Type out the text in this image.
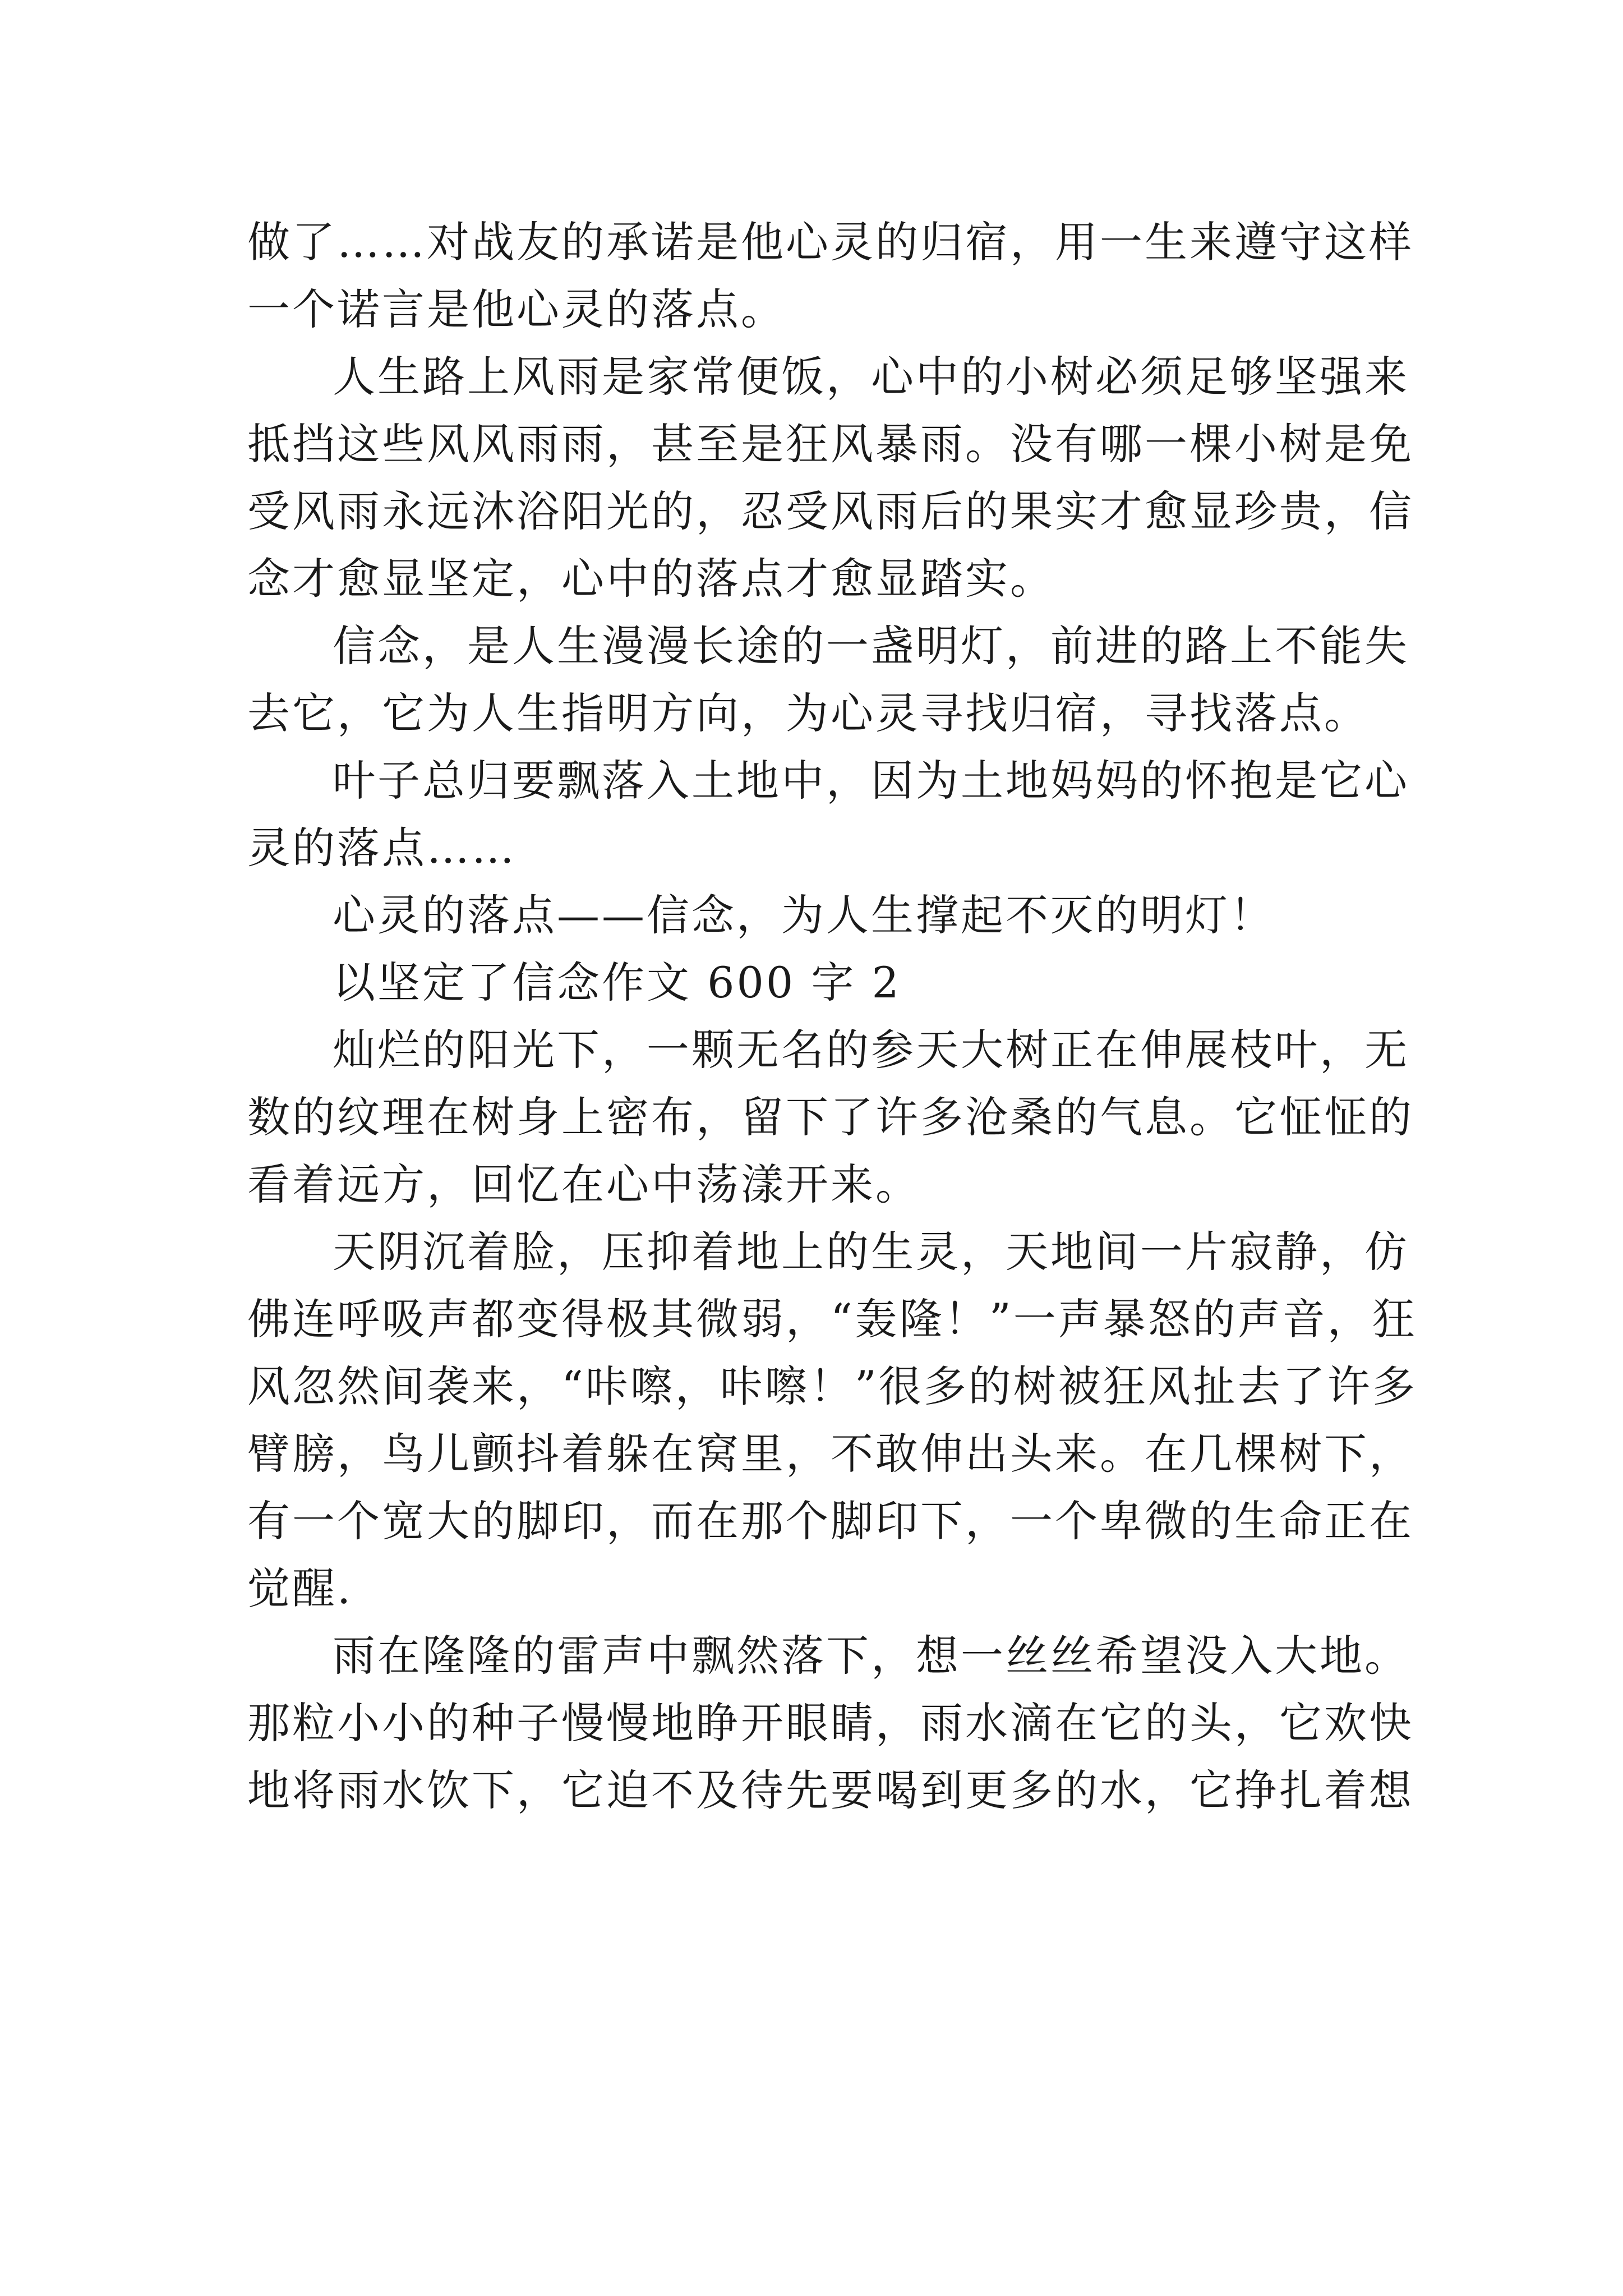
做了……对战友的承诺是他心灵的归宿，用一生来遵守这样
一个诺言是他心灵的落点。
人生路上风雨是家常便饭，心中的小树必须足够坚强来
抵挡这些风风雨雨，甚至是狂风暴雨。没有哪一棵小树是免
受风雨永远沐浴阳光的，忍受风雨后的果实才愈显珍贵，信
念才愈显坚定，心中的落点才愈显踏实。
信念，是人生漫漫长途的一盏明灯，前进的路上不能失
去它，它为人生指明方向，为心灵寻找归宿，寻找落点。
叶子总归要飘落入土地中，因为土地妈妈的怀抱是它心
灵的落点……
心灵的落点——信念，为人生撑起不灭的明灯！
以坚定了信念作文 600 字 2
灿烂的阳光下，一颗无名的参天大树正在伸展枝叶，无
数的纹理在树身上密布，留下了许多沧桑的气息。它怔怔的
看着远方，回忆在心中荡漾开来。
天阴沉着脸，压抑着地上的生灵，天地间一片寂静，仿
佛连呼吸声都变得极其微弱，“轰隆！”一声暴怒的声音，狂
风忽然间袭来，“咔嚓，咔嚓！”很多的树被狂风扯去了许多
臂膀，鸟儿颤抖着躲在窝里，不敢伸出头来。在几棵树下，
有一个宽大的脚印，而在那个脚印下，一个卑微的生命正在
觉醒.
雨在隆隆的雷声中飘然落下，想一丝丝希望没入大地。
那粒小小的种子慢慢地睁开眼睛，雨水滴在它的头，它欢快
地将雨水饮下，它迫不及待先要喝到更多的水，它挣扎着想
